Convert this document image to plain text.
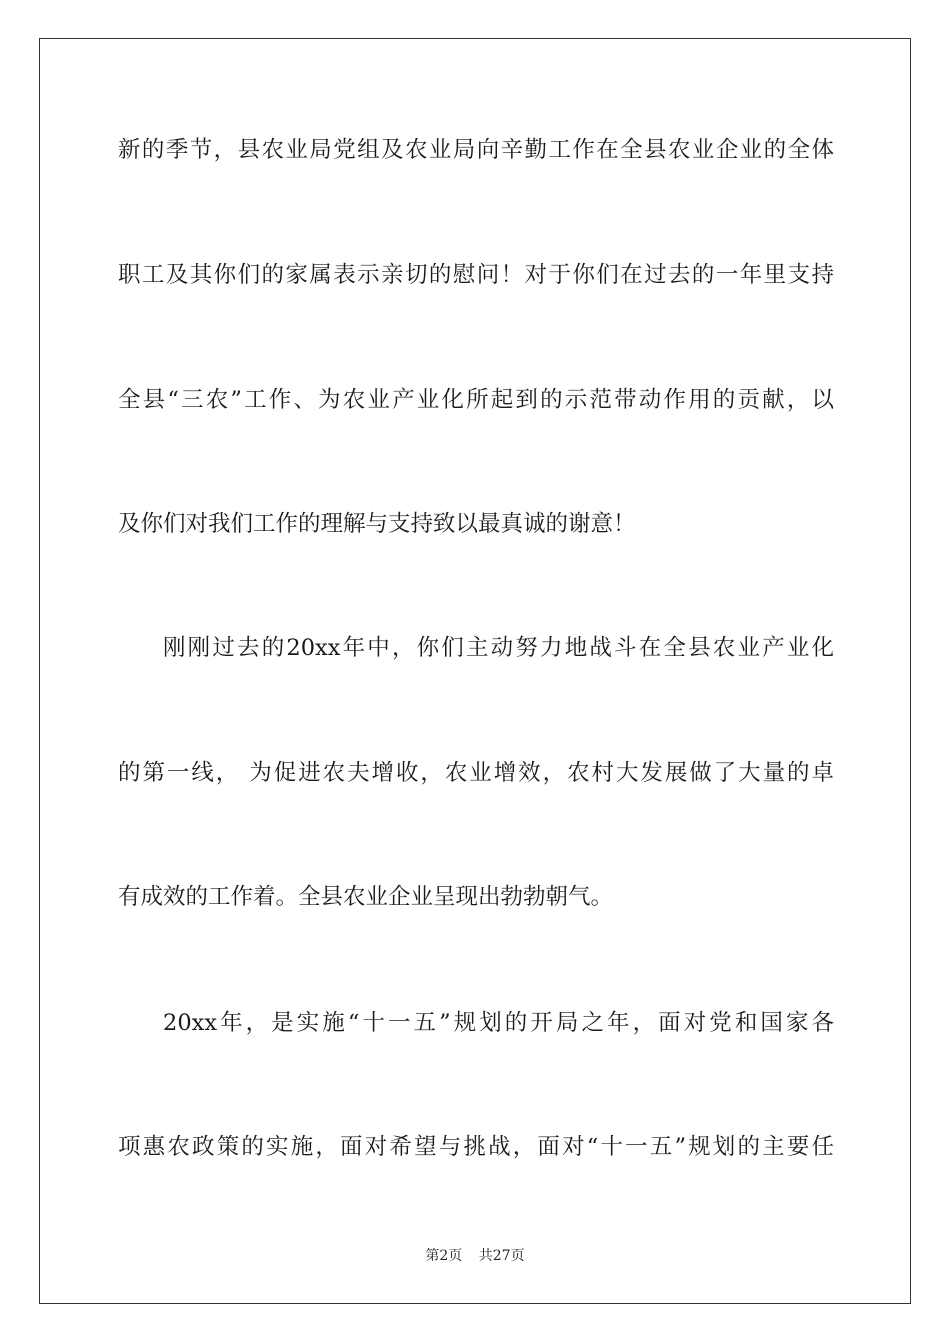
新的季节，县农业局党组及农业局向辛勤工作在全县农业企业的全体

职工及其你们的家属表示亲切的慰问！对于你们在过去的一年里支持

全县“三农”工作、为农业产业化所起到的示范带动作用的贡献，以

及你们对我们工作的理解与支持致以最真诚的谢意！

刚刚过去的20xx年中，你们主动努力地战斗在全县农业产业化

的第一线， 为促进农夫增收，农业增效，农村大发展做了大量的卓

有成效的工作着。全县农业企业呈现出勃勃朝气。

20xx年，是实施“十一五”规划的开局之年，面对党和国家各

项惠农政策的实施，面对希望与挑战，面对“十一五”规划的主要任

第2页 共27页
